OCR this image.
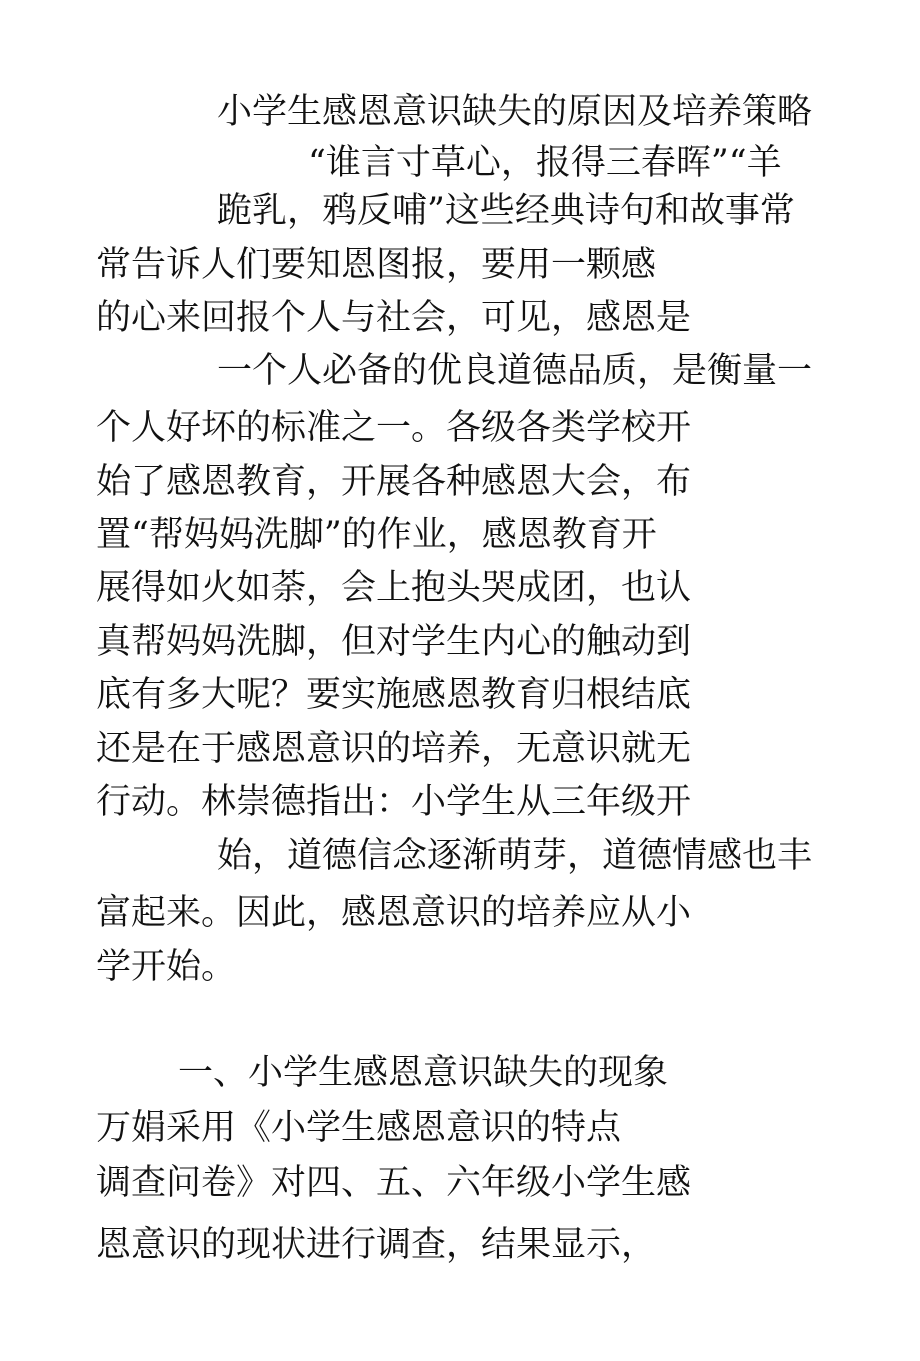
小学生感恩意识缺失的原因及培养策略
“谁言寸草心，报得三春晖”“羊
跪乳，鸦反哺”这些经典诗句和故事常
常告诉人们要知恩图报，要用一颗感
的心来回报个人与社会，可见，感恩是
一个人必备的优良道德品质，是衡量一
个人好坏的标准之一。各级各类学校开
始了感恩教育，开展各种感恩大会，布
置“帮妈妈洗脚”的作业，感恩教育开
展得如火如荼，会上抱头哭成团，也认
真帮妈妈洗脚，但对学生内心的触动到
底有多大呢？要实施感恩教育归根结底
还是在于感恩意识的培养，无意识就无
行动。林崇德指出：小学生从三年级开
始，道德信念逐渐萌芽，道德情感也丰
富起来。因此，感恩意识的培养应从小
学开始。
一、小学生感恩意识缺失的现象
万娟采用《小学生感恩意识的特点
调查问卷》对四、五、六年级小学生感
恩意识的现状进行调查，结果显示，
